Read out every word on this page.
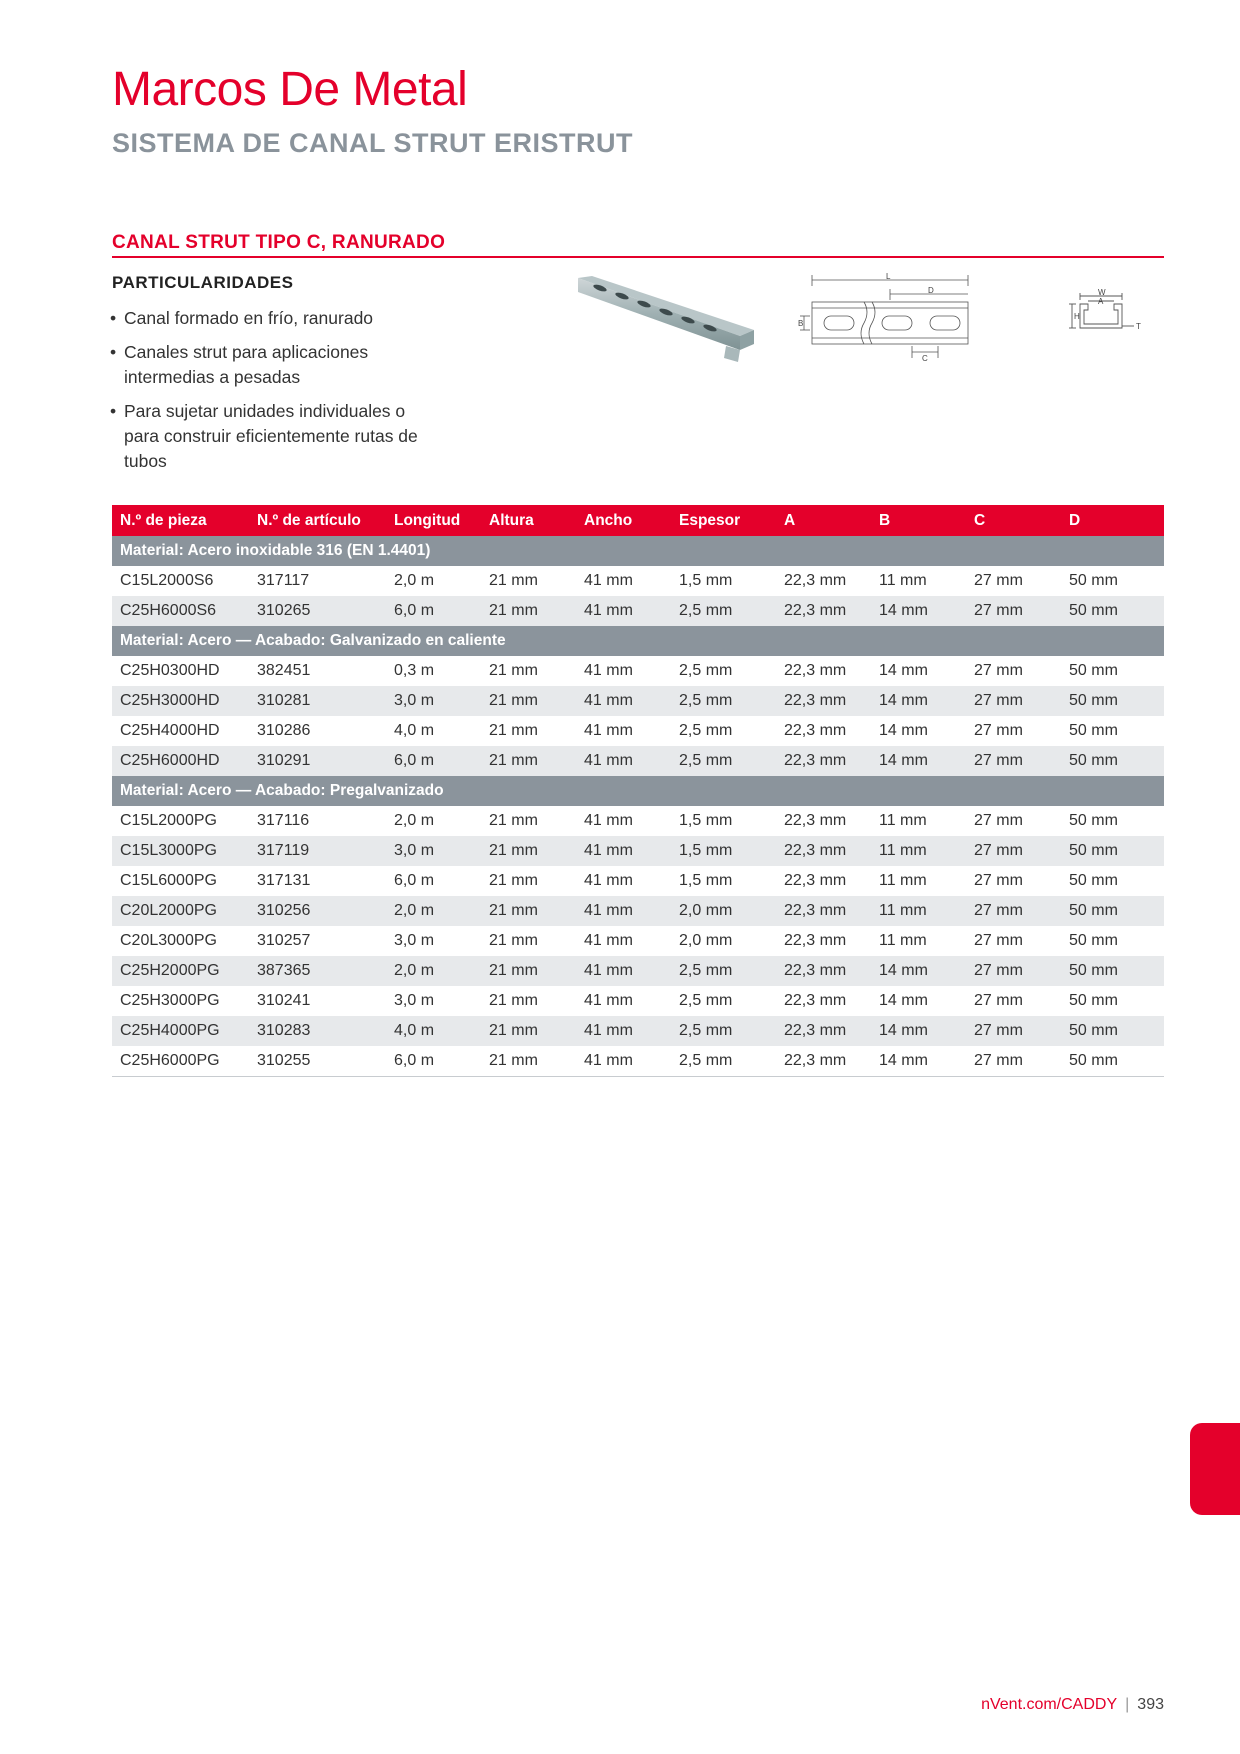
Marcos De Metal
SISTEMA DE CANAL STRUT ERISTRUT
CANAL STRUT TIPO C, RANURADO
PARTICULARIDADES
• Canal formado en frío, ranurado
• Canales strut para aplicaciones intermedias a pesadas
• Para sujetar unidades individuales o para construir eficientemente rutas de tubos
L
D
B
C
W
A
H
T
N.º de pieza	N.º de artículo	Longitud	Altura	Ancho	Espesor	A	B	C	D
Material: Acero inoxidable 316 (EN 1.4401)									
C15L2000S6	317117	2,0 m	21 mm	41 mm	1,5 mm	22,3 mm	11 mm	27 mm	50 mm
C25H6000S6	310265	6,0 m	21 mm	41 mm	2,5 mm	22,3 mm	14 mm	27 mm	50 mm
Material: Acero — Acabado: Galvanizado en caliente									
C25H0300HD	382451	0,3 m	21 mm	41 mm	2,5 mm	22,3 mm	14 mm	27 mm	50 mm
C25H3000HD	310281	3,0 m	21 mm	41 mm	2,5 mm	22,3 mm	14 mm	27 mm	50 mm
C25H4000HD	310286	4,0 m	21 mm	41 mm	2,5 mm	22,3 mm	14 mm	27 mm	50 mm
C25H6000HD	310291	6,0 m	21 mm	41 mm	2,5 mm	22,3 mm	14 mm	27 mm	50 mm
Material: Acero — Acabado: Pregalvanizado									
C15L2000PG	317116	2,0 m	21 mm	41 mm	1,5 mm	22,3 mm	11 mm	27 mm	50 mm
C15L3000PG	317119	3,0 m	21 mm	41 mm	1,5 mm	22,3 mm	11 mm	27 mm	50 mm
C15L6000PG	317131	6,0 m	21 mm	41 mm	1,5 mm	22,3 mm	11 mm	27 mm	50 mm
C20L2000PG	310256	2,0 m	21 mm	41 mm	2,0 mm	22,3 mm	11 mm	27 mm	50 mm
C20L3000PG	310257	3,0 m	21 mm	41 mm	2,0 mm	22,3 mm	11 mm	27 mm	50 mm
C25H2000PG	387365	2,0 m	21 mm	41 mm	2,5 mm	22,3 mm	14 mm	27 mm	50 mm
C25H3000PG	310241	3,0 m	21 mm	41 mm	2,5 mm	22,3 mm	14 mm	27 mm	50 mm
C25H4000PG	310283	4,0 m	21 mm	41 mm	2,5 mm	22,3 mm	14 mm	27 mm	50 mm
C25H6000PG	310255	6,0 m	21 mm	41 mm	2,5 mm	22,3 mm	14 mm	27 mm	50 mm
nVent.com/CADDY | 393
